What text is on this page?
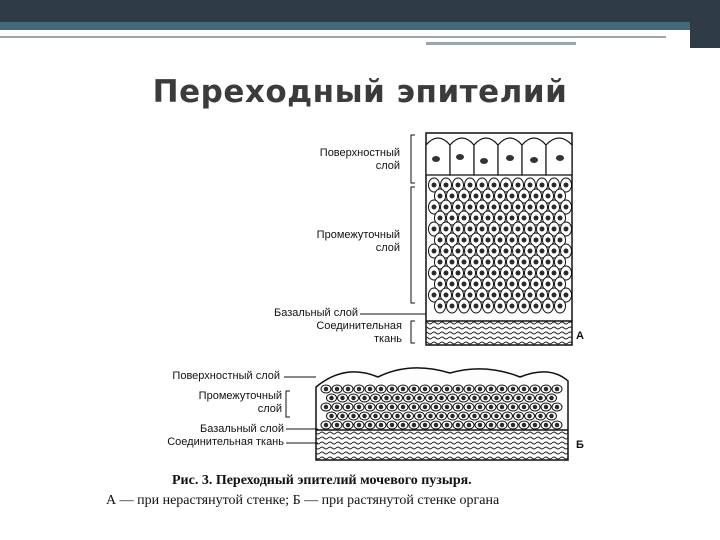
Переходный эпителий
Поверхностный
слой
Промежуточный
слой
Базальный слой
Соединительная
ткань	А
Поверхностный слой
Промежуточный
слой
Базальный слой
Соединительная ткань	Б
Рис. 3. Переходный эпителий мочевого пузыря.
А — при нерастянутой стенке; Б — при растянутой стенке органа
